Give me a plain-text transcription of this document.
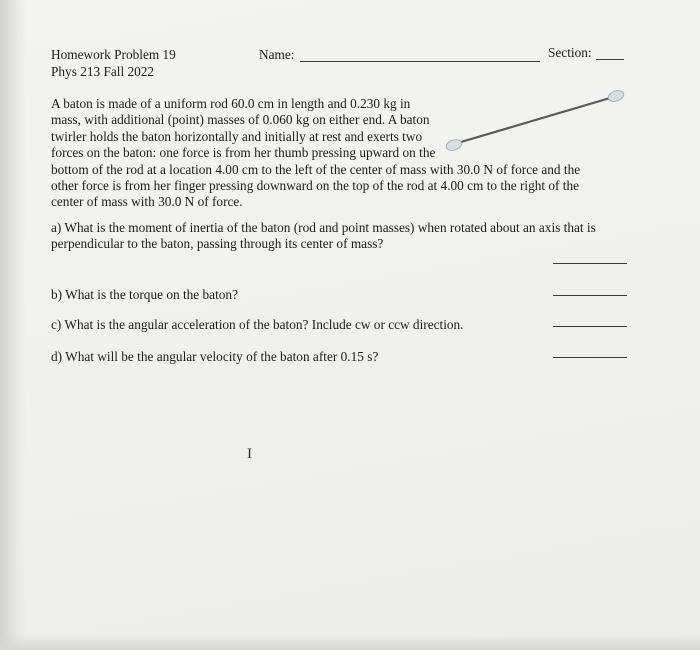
Homework Problem 19
Phys 213 Fall 2022
Name:	Section:
A baton is made of a uniform rod 60.0 cm in length and 0.230 kg in
mass, with additional (point) masses of 0.060 kg on either end. A baton
twirler holds the baton horizontally and initially at rest and exerts two
forces on the baton: one force is from her thumb pressing upward on the
bottom of the rod at a location 4.00 cm to the left of the center of mass with 30.0 N of force and the
other force is from her finger pressing downward on the top of the rod at 4.00 cm to the right of the
center of mass with 30.0 N of force.
a) What is the moment of inertia of the baton (rod and point masses) when rotated about an axis that is
perpendicular to the baton, passing through its center of mass?
b) What is the torque on the baton?
c) What is the angular acceleration of the baton? Include cw or ccw direction.
d) What will be the angular velocity of the baton after 0.15 s?
I
